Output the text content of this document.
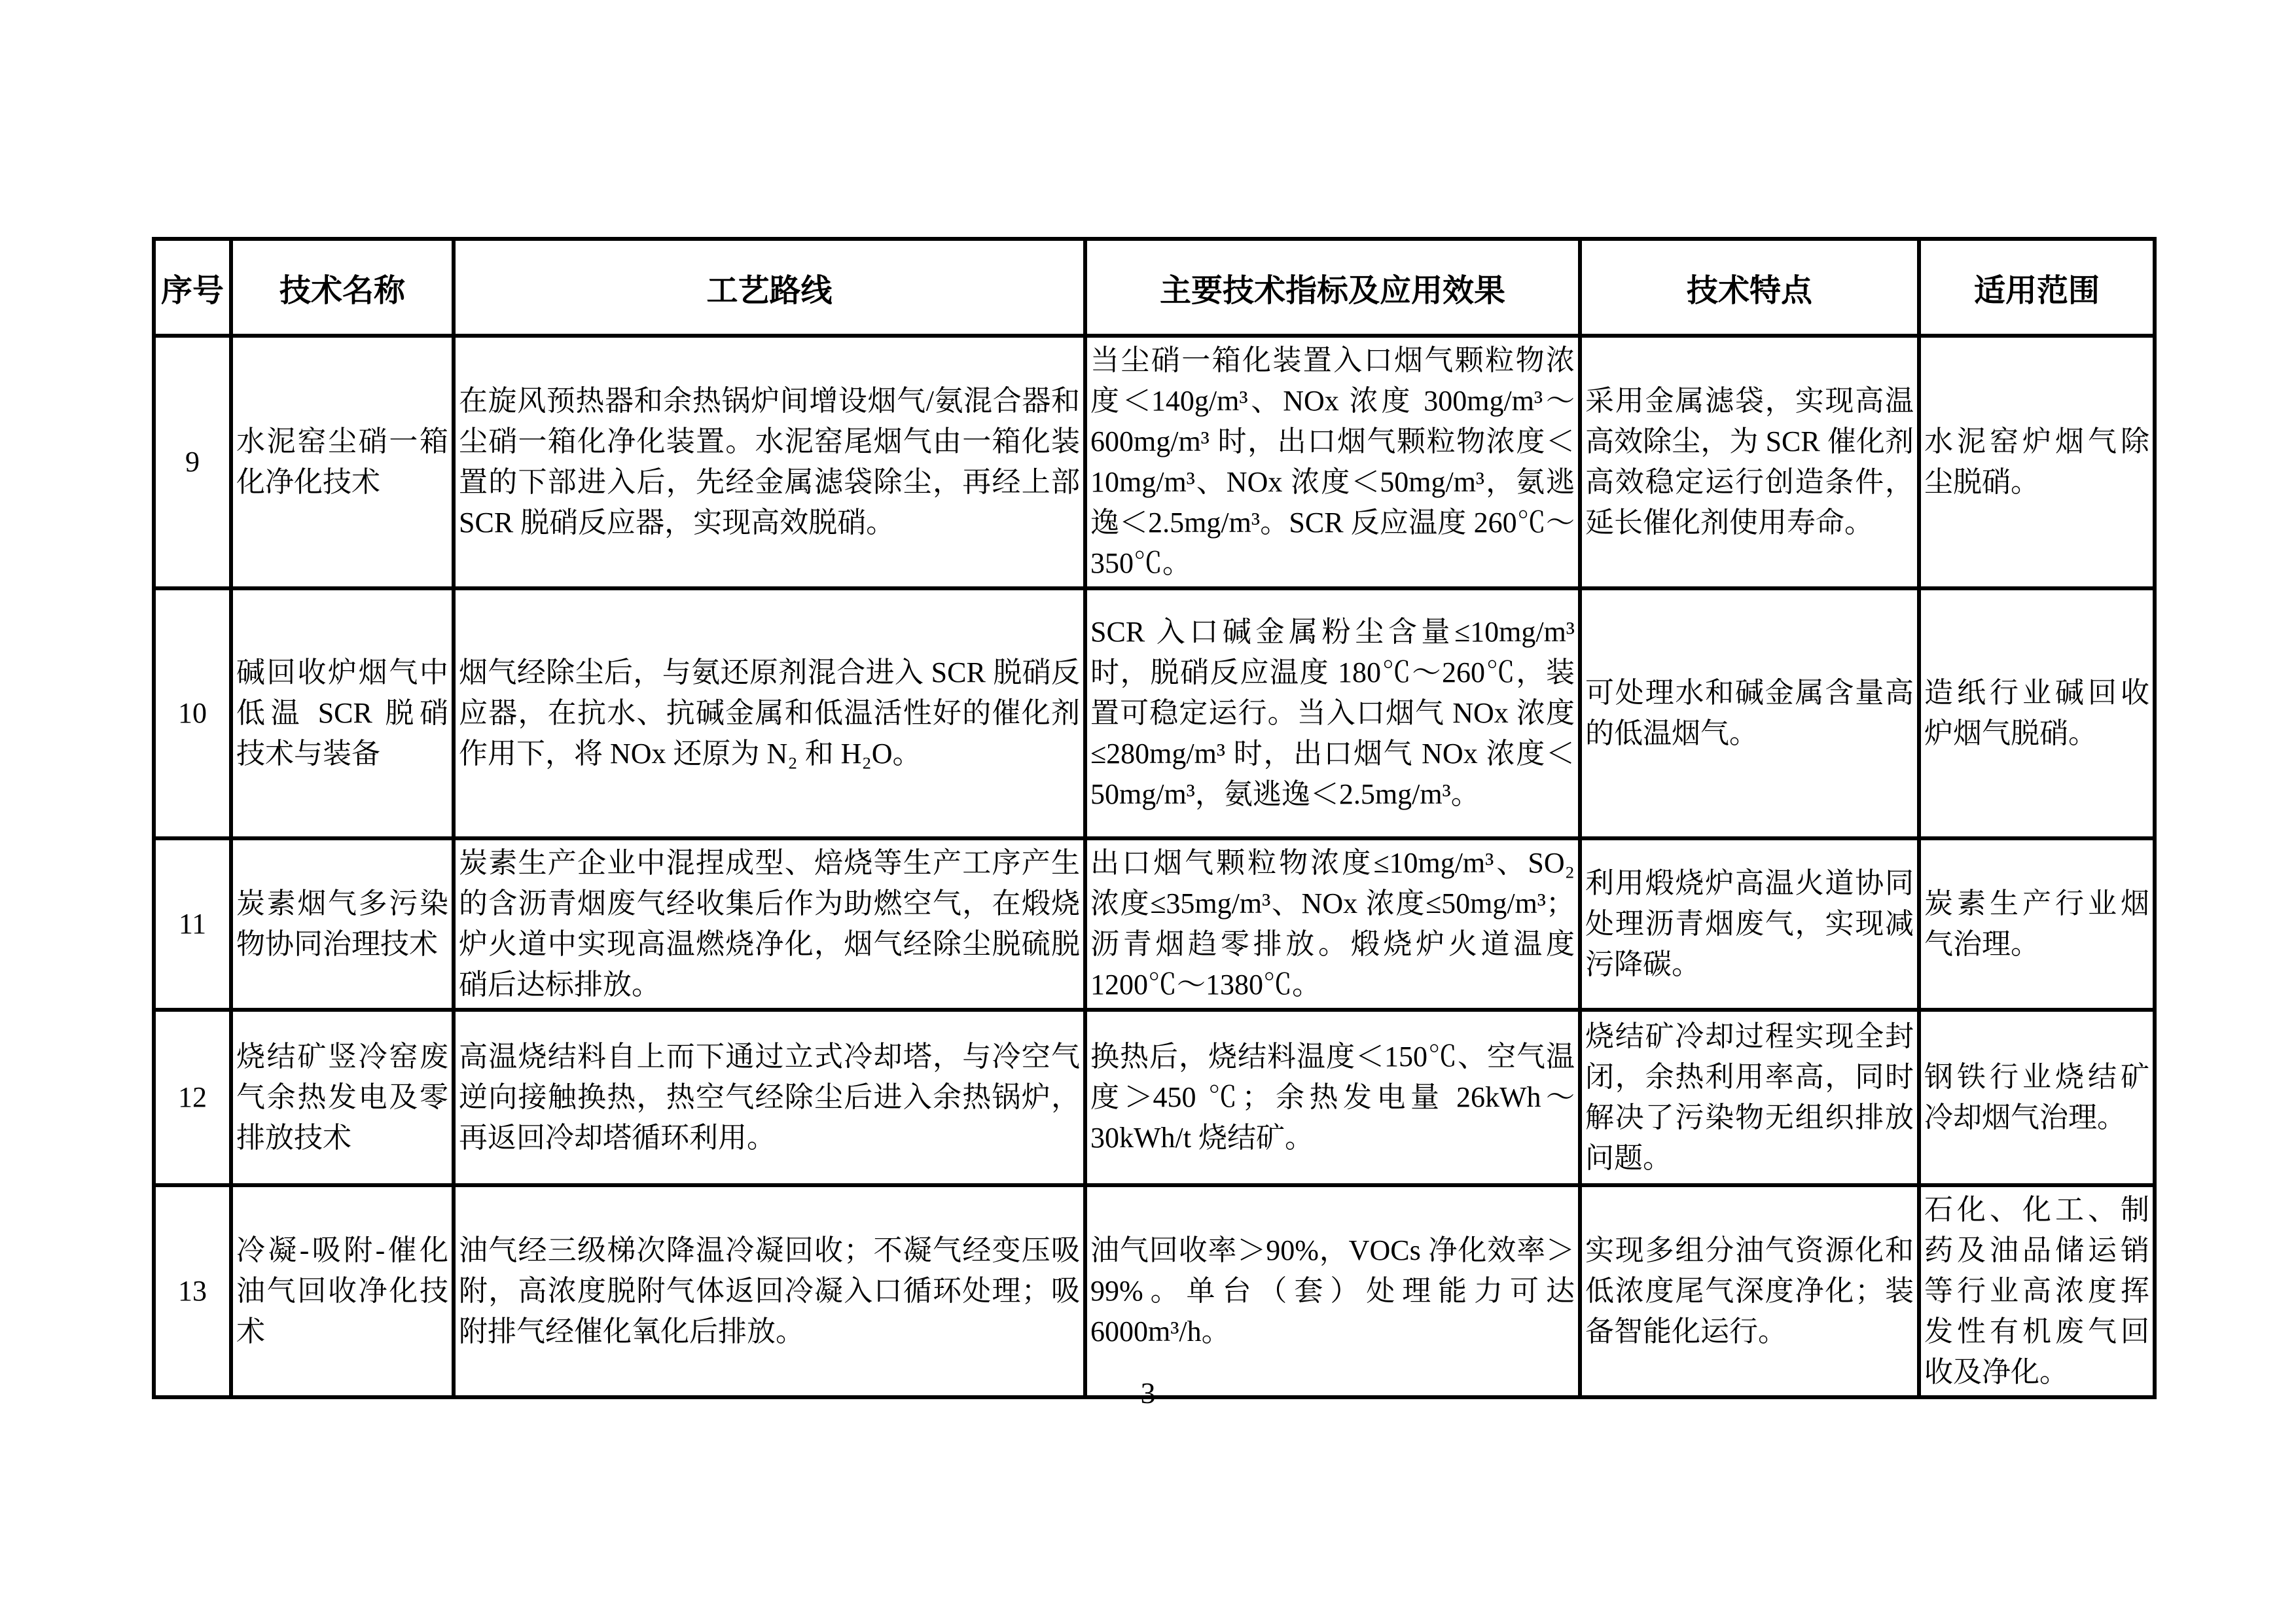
序号	技术名称	工艺路线	主要技术指标及应用效果	技术特点	适用范围
9	水泥窑尘硝一箱化净化技术	在旋风预热器和余热锅炉间增设烟气/氨混合器和尘硝一箱化净化装置。水泥窑尾烟气由一箱化装置的下部进入后，先经金属滤袋除尘，再经上部 SCR 脱硝反应器，实现高效脱硝。	当尘硝一箱化装置入口烟气颗粒物浓度＜140g/m³、NOx 浓度 300mg/m³～600mg/m³ 时，出口烟气颗粒物浓度＜10mg/m³、NOx 浓度＜50mg/m³，氨逃逸＜2.5mg/m³。SCR 反应温度 260℃～350℃。	采用金属滤袋，实现高温高效除尘，为 SCR 催化剂高效稳定运行创造条件，延长催化剂使用寿命。	水泥窑炉烟气除尘脱硝。
10	碱回收炉烟气中低温 SCR 脱硝技术与装备	烟气经除尘后，与氨还原剂混合进入 SCR 脱硝反应器，在抗水、抗碱金属和低温活性好的催化剂作用下，将 NOx 还原为 N₂ 和 H₂O。	SCR 入口碱金属粉尘含量≤10mg/m³时，脱硝反应温度 180℃～260℃，装置可稳定运行。当入口烟气 NOx 浓度≤280mg/m³ 时，出口烟气 NOx 浓度＜50mg/m³，氨逃逸＜2.5mg/m³。	可处理水和碱金属含量高的低温烟气。	造纸行业碱回收炉烟气脱硝。
11	炭素烟气多污染物协同治理技术	炭素生产企业中混捏成型、焙烧等生产工序产生的含沥青烟废气经收集后作为助燃空气，在煅烧炉火道中实现高温燃烧净化，烟气经除尘脱硫脱硝后达标排放。	出口烟气颗粒物浓度≤10mg/m³、SO₂ 浓度≤35mg/m³、NOx 浓度≤50mg/m³；沥青烟趋零排放。煅烧炉火道温度 1200℃～1380℃。	利用煅烧炉高温火道协同处理沥青烟废气，实现减污降碳。	炭素生产行业烟气治理。
12	烧结矿竖冷窑废气余热发电及零排放技术	高温烧结料自上而下通过立式冷却塔，与冷空气逆向接触换热，热空气经除尘后进入余热锅炉，再返回冷却塔循环利用。	换热后，烧结料温度＜150℃、空气温度＞450 ℃；余热发电量 26kWh～30kWh/t 烧结矿。	烧结矿冷却过程实现全封闭，余热利用率高，同时解决了污染物无组织排放问题。	钢铁行业烧结矿冷却烟气治理。
13	冷凝-吸附-催化油气回收净化技术	油气经三级梯次降温冷凝回收；不凝气经变压吸附，高浓度脱附气体返回冷凝入口循环处理；吸附排气经催化氧化后排放。	油气回收率＞90%，VOCs 净化效率＞99%。单台（套）处理能力可达 6000m³/h。	实现多组分油气资源化和低浓度尾气深度净化；装备智能化运行。	石化、化工、制药及油品储运销等行业高浓度挥发性有机废气回收及净化。
— 3 —
